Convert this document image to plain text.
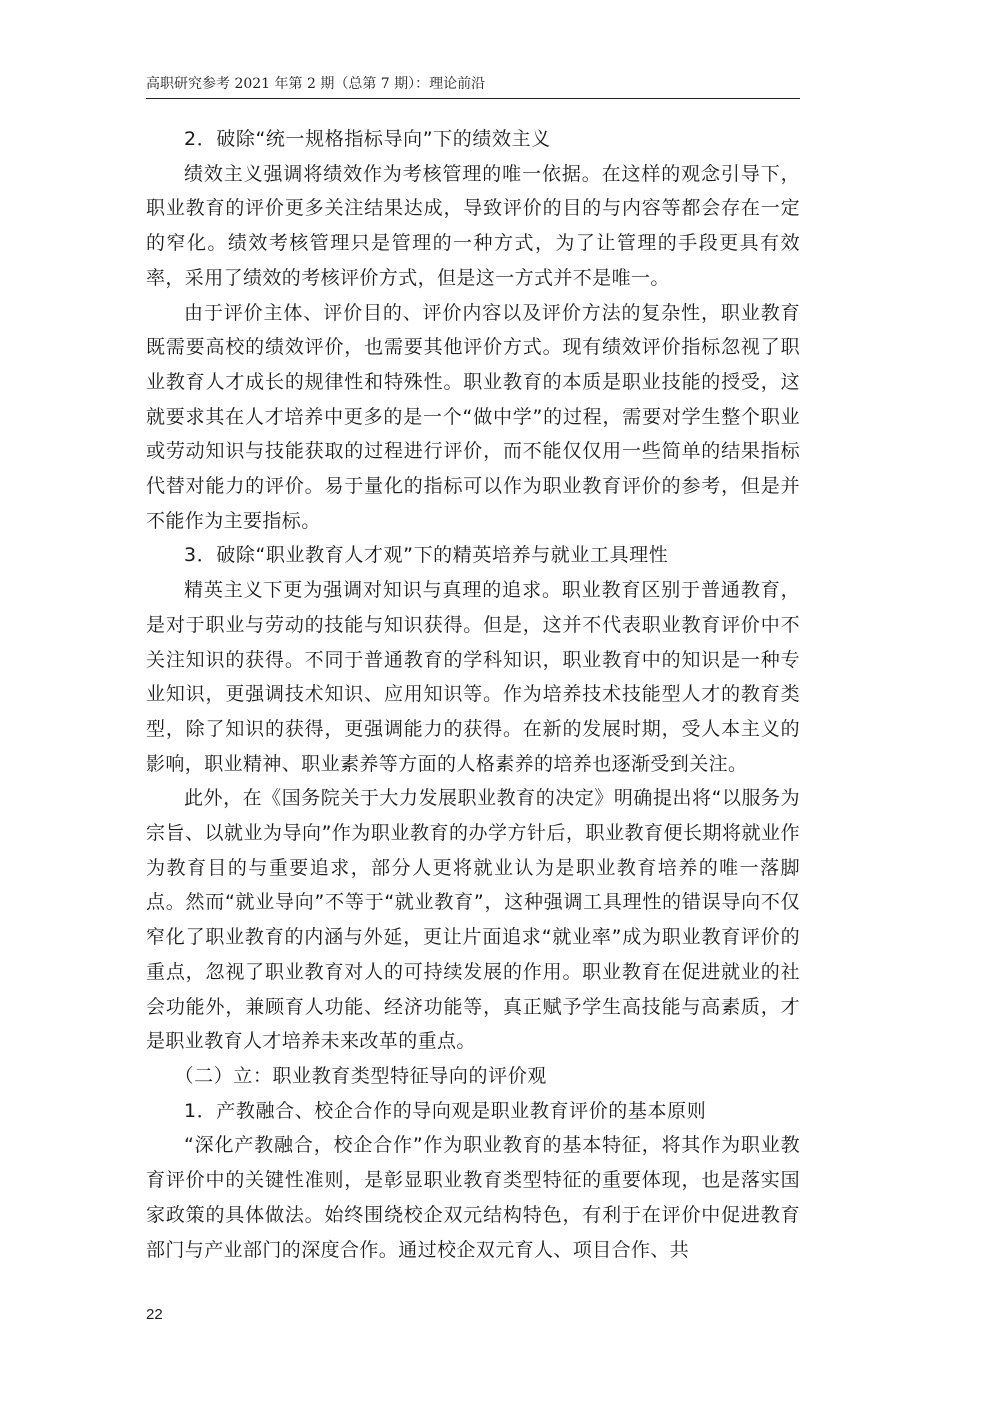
高职研究参考 2021 年第 2 期（总第 7 期）：理论前沿

2．破除“统一规格指标导向”下的绩效主义

绩效主义强调将绩效作为考核管理的唯一依据。在这样的观念引导下，职业教育的评价更多关注结果达成，导致评价的目的与内容等都会存在一定的窄化。绩效考核管理只是管理的一种方式，为了让管理的手段更具有效率，采用了绩效的考核评价方式，但是这一方式并不是唯一。

由于评价主体、评价目的、评价内容以及评价方法的复杂性，职业教育既需要高校的绩效评价，也需要其他评价方式。现有绩效评价指标忽视了职业教育人才成长的规律性和特殊性。职业教育的本质是职业技能的授受，这就要求其在人才培养中更多的是一个“做中学”的过程，需要对学生整个职业或劳动知识与技能获取的过程进行评价，而不能仅仅用一些简单的结果指标代替对能力的评价。易于量化的指标可以作为职业教育评价的参考，但是并不能作为主要指标。

3．破除“职业教育人才观”下的精英培养与就业工具理性

精英主义下更为强调对知识与真理的追求。职业教育区别于普通教育，是对于职业与劳动的技能与知识获得。但是，这并不代表职业教育评价中不关注知识的获得。不同于普通教育的学科知识，职业教育中的知识是一种专业知识，更强调技术知识、应用知识等。作为培养技术技能型人才的教育类型，除了知识的获得，更强调能力的获得。在新的发展时期，受人本主义的影响，职业精神、职业素养等方面的人格素养的培养也逐渐受到关注。

此外，在《国务院关于大力发展职业教育的决定》明确提出将“以服务为宗旨、以就业为导向”作为职业教育的办学方针后，职业教育便长期将就业作为教育目的与重要追求，部分人更将就业认为是职业教育培养的唯一落脚点。然而“就业导向”不等于“就业教育”，这种强调工具理性的错误导向不仅窄化了职业教育的内涵与外延，更让片面追求“就业率”成为职业教育评价的重点，忽视了职业教育对人的可持续发展的作用。职业教育在促进就业的社会功能外，兼顾育人功能、经济功能等，真正赋予学生高技能与高素质，才是职业教育人才培养未来改革的重点。

（二）立：职业教育类型特征导向的评价观

1．产教融合、校企合作的导向观是职业教育评价的基本原则

“深化产教融合，校企合作”作为职业教育的基本特征，将其作为职业教育评价中的关键性准则，是彰显职业教育类型特征的重要体现，也是落实国家政策的具体做法。始终围绕校企双元结构特色，有利于在评价中促进教育部门与产业部门的深度合作。通过校企双元育人、项目合作、共

22
